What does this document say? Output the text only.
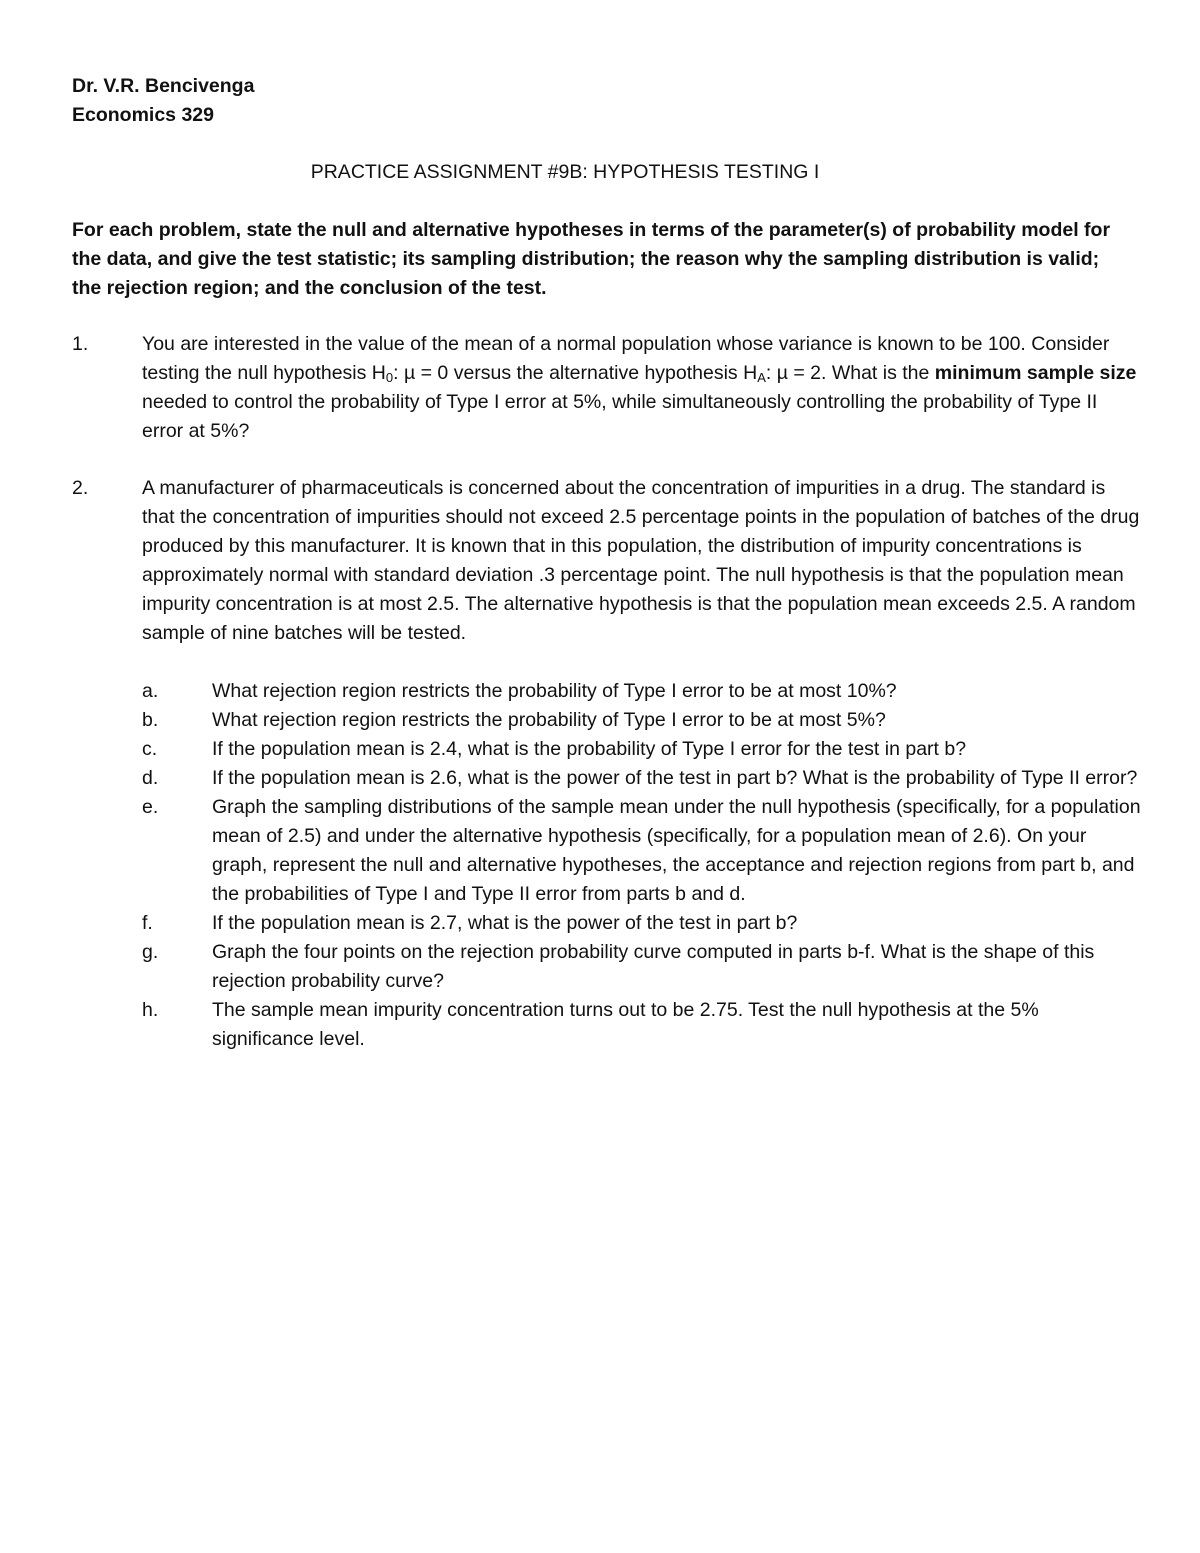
Dr. V.R. Bencivenga
Economics 329
PRACTICE ASSIGNMENT #9B: HYPOTHESIS TESTING I
For each problem, state the null and alternative hypotheses in terms of the parameter(s) of probability model for the data, and give the test statistic; its sampling distribution; the reason why the sampling distribution is valid; the rejection region; and the conclusion of the test.
1.	You are interested in the value of the mean of a normal population whose variance is known to be 100. Consider testing the null hypothesis $H_0$: µ = 0 versus the alternative hypothesis $H_A$: µ = 2. What is the minimum sample size needed to control the probability of Type I error at 5%, while simultaneously controlling the probability of Type II error at 5%?
2.	A manufacturer of pharmaceuticals is concerned about the concentration of impurities in a drug. The standard is that the concentration of impurities should not exceed 2.5 percentage points in the population of batches of the drug produced by this manufacturer. It is known that in this population, the distribution of impurity concentrations is approximately normal with standard deviation .3 percentage point. The null hypothesis is that the population mean impurity concentration is at most 2.5. The alternative hypothesis is that the population mean exceeds 2.5. A random sample of nine batches will be tested.
a.	What rejection region restricts the probability of Type I error to be at most 10%?
b.	What rejection region restricts the probability of Type I error to be at most 5%?
c.	If the population mean is 2.4, what is the probability of Type I error for the test in part b?
d.	If the population mean is 2.6, what is the power of the test in part b? What is the probability of Type II error?
e.	Graph the sampling distributions of the sample mean under the null hypothesis (specifically, for a population mean of 2.5) and under the alternative hypothesis (specifically, for a population mean of 2.6). On your graph, represent the null and alternative hypotheses, the acceptance and rejection regions from part b, and the probabilities of Type I and Type II error from parts b and d.
f.	If the population mean is 2.7, what is the power of the test in part b?
g.	Graph the four points on the rejection probability curve computed in parts b-f. What is the shape of this rejection probability curve?
h.	The sample mean impurity concentration turns out to be 2.75. Test the null hypothesis at the 5% significance level.
